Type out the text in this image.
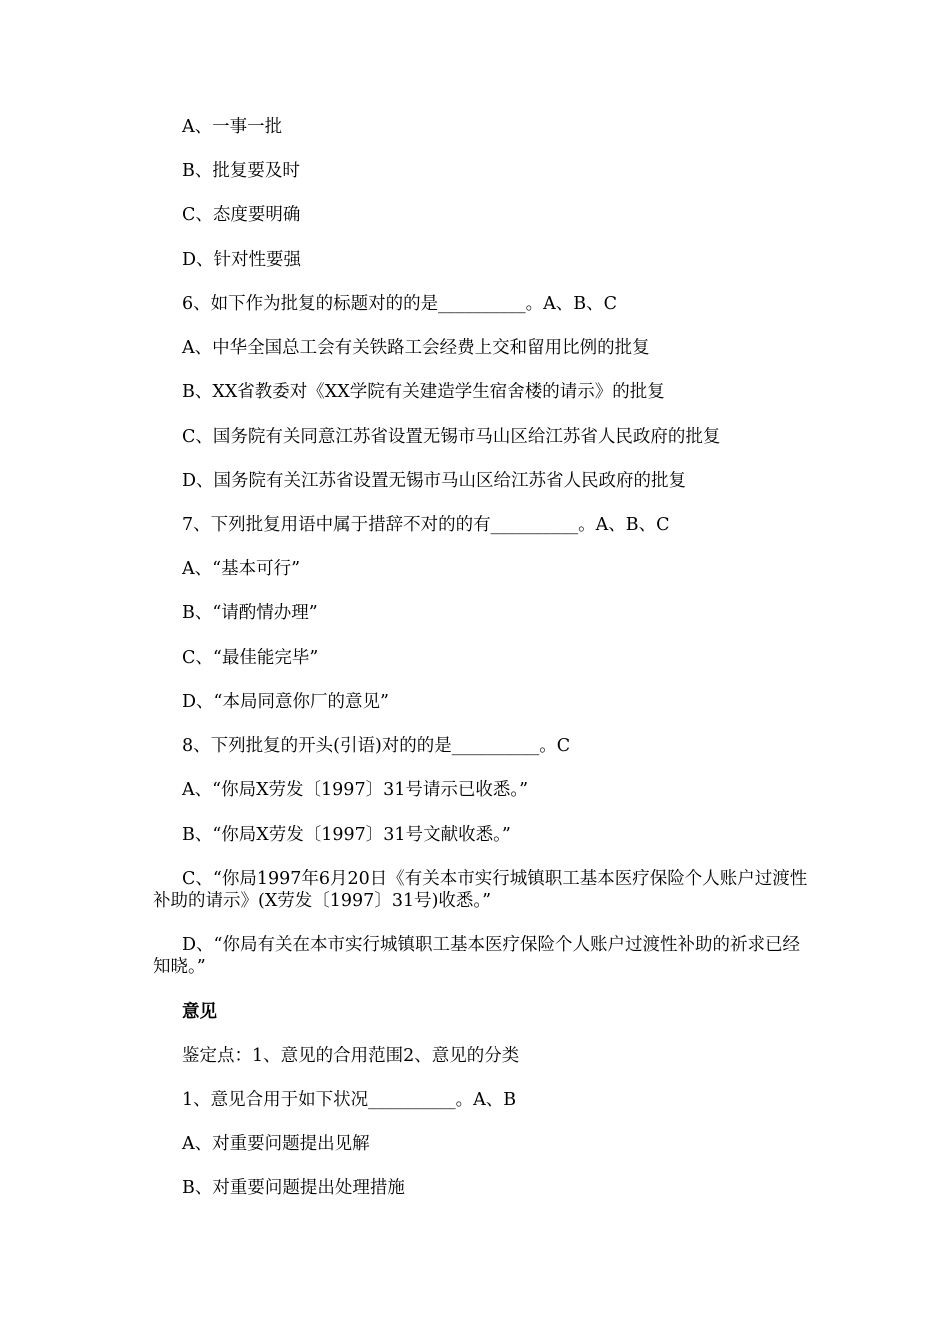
A、一事一批
B、批复要及时
C、态度要明确
D、针对性要强
6、如下作为批复的标题对的的是__________。A、B、C
A、中华全国总工会有关铁路工会经费上交和留用比例的批复
B、XX省教委对《XX学院有关建造学生宿舍楼的请示》的批复
C、国务院有关同意江苏省设置无锡市马山区给江苏省人民政府的批复
D、国务院有关江苏省设置无锡市马山区给江苏省人民政府的批复
7、下列批复用语中属于措辞不对的的有__________。A、B、C
A、“基本可行”
B、“请酌情办理”
C、“最佳能完毕”
D、“本局同意你厂的意见”
8、下列批复的开头(引语)对的的是__________。C
A、“你局X劳发〔1997〕31号请示已收悉。”
B、“你局X劳发〔1997〕31号文献收悉。”
C、“你局1997年6月20日《有关本市实行城镇职工基本医疗保险个人账户过渡性补助的请示》(X劳发〔1997〕31号)收悉。”
D、“你局有关在本市实行城镇职工基本医疗保险个人账户过渡性补助的祈求已经知晓。”
意见
鉴定点：1、意见的合用范围2、意见的分类
1、意见合用于如下状况__________。A、B
A、对重要问题提出见解
B、对重要问题提出处理措施
